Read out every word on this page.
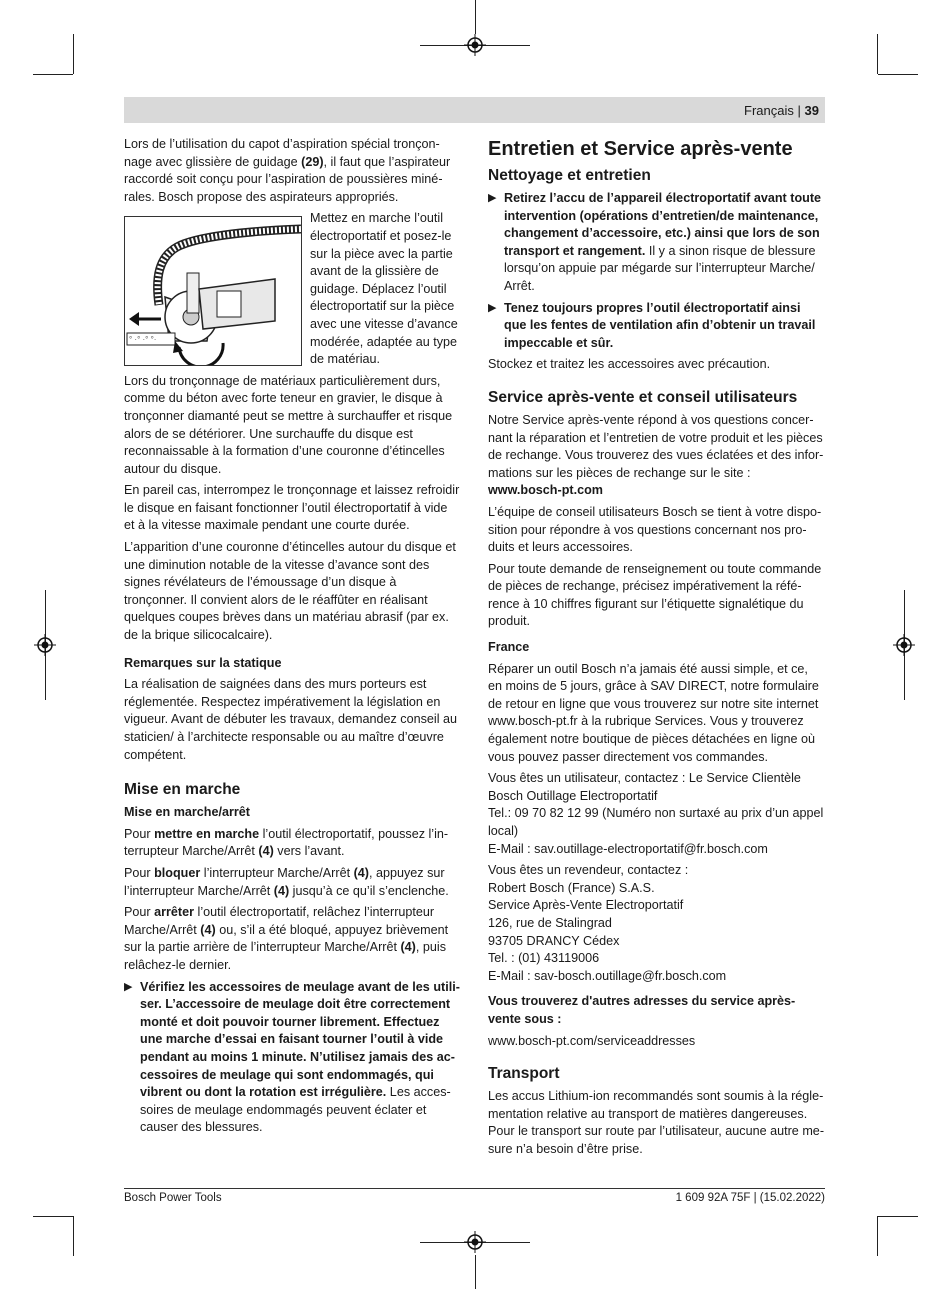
Français | 39

Lors de l’utilisation du capot d’aspiration spécial tronçonnage avec glissière de guidage (29), il faut que l’aspirateur raccordé soit conçu pour l’aspiration de poussières minérales. Bosch propose des aspirateurs appropriés.

° ·° ·° °·

Mettez en marche l’outil électroportatif et posez-le sur la pièce avec la partie avant de la glissière de guidage. Déplacez l’outil électroportatif sur la pièce avec une vitesse d’avance modérée, adaptée au type de matériau.

Lors du tronçonnage de matériaux particulièrement durs, comme du béton avec forte teneur en gravier, le disque à tronçonner diamanté peut se mettre à surchauffer et risque alors de se détériorer. Une surchauffe du disque est reconnaissable à la formation d’une couronne d’étincelles autour du disque.

En pareil cas, interrompez le tronçonnage et laissez refroidir le disque en faisant fonctionner l’outil électroportatif à vide et à la vitesse maximale pendant une courte durée.

L’apparition d’une couronne d’étincelles autour du disque et une diminution notable de la vitesse d’avance sont des signes révélateurs de l’émoussage d’un disque à tronçonner. Il convient alors de le réaffûter en réalisant quelques coupes brèves dans un matériau abrasif (par ex. de la brique silicocalcaire).

Remarques sur la statique

La réalisation de saignées dans des murs porteurs est réglementée. Respectez impérativement la législation en vigueur. Avant de débuter les travaux, demandez conseil au staticien/ à l’architecte responsable ou au maître d’œuvre compétent.

Mise en marche

Mise en marche/arrêt

Pour mettre en marche l’outil électroportatif, poussez l’interrupteur Marche/Arrêt (4) vers l’avant.

Pour bloquer l’interrupteur Marche/Arrêt (4), appuyez sur l’interrupteur Marche/Arrêt (4) jusqu’à ce qu’il s’enclenche.

Pour arrêter l’outil électroportatif, relâchez l’interrupteur Marche/Arrêt (4) ou, s’il a été bloqué, appuyez brièvement sur la partie arrière de l’interrupteur Marche/Arrêt (4), puis relâchez-le dernier.

▶ Vérifiez les accessoires de meulage avant de les utiliser. L’accessoire de meulage doit être correctement monté et doit pouvoir tourner librement. Effectuez une marche d’essai en faisant tourner l’outil à vide pendant au moins 1 minute. N’utilisez jamais des accessoires de meulage qui sont endommagés, qui vibrent ou dont la rotation est irrégulière. Les accessoires de meulage endommagés peuvent éclater et causer des blessures.

Entretien et Service après-vente

Nettoyage et entretien

▶ Retirez l’accu de l’appareil électroportatif avant toute intervention (opérations d’entretien/de maintenance, changement d’accessoire, etc.) ainsi que lors de son transport et rangement. Il y a sinon risque de blessure lorsqu’on appuie par mégarde sur l’interrupteur Marche/ Arrêt.
▶ Tenez toujours propres l’outil électroportatif ainsi que les fentes de ventilation afin d’obtenir un travail impeccable et sûr.

Stockez et traitez les accessoires avec précaution.

Service après-vente et conseil utilisateurs

Notre Service après-vente répond à vos questions concernant la réparation et l’entretien de votre produit et les pièces de rechange. Vous trouverez des vues éclatées et des informations sur les pièces de rechange sur le site :

www.bosch-pt.com

L’équipe de conseil utilisateurs Bosch se tient à votre disposition pour répondre à vos questions concernant nos produits et leurs accessoires.

Pour toute demande de renseignement ou toute commande de pièces de rechange, précisez impérativement la référence à 10 chiffres figurant sur l’étiquette signalétique du produit.

France

Réparer un outil Bosch n’a jamais été aussi simple, et ce, en moins de 5 jours, grâce à SAV DIRECT, notre formulaire de retour en ligne que vous trouverez sur notre site internet www.bosch-pt.fr à la rubrique Services. Vous y trouverez également notre boutique de pièces détachées en ligne où vous pouvez passer directement vos commandes.

Vous êtes un utilisateur, contactez : Le Service Clientèle
Bosch Outillage Electroportatif
Tel.: 09 70 82 12 99 (Numéro non surtaxé au prix d’un appel local)
E-Mail : sav.outillage-electroportatif@fr.bosch.com

Vous êtes un revendeur, contactez :
Robert Bosch (France) S.A.S.
Service Après-Vente Electroportatif
126, rue de Stalingrad
93705 DRANCY Cédex
Tel. : (01) 43119006
E-Mail : sav-bosch.outillage@fr.bosch.com

Vous trouverez d'autres adresses du service après-vente sous :

www.bosch-pt.com/serviceaddresses

Transport

Les accus Lithium-ion recommandés sont soumis à la réglementation relative au transport de matières dangereuses. Pour le transport sur route par l’utilisateur, aucune autre mesure n’a besoin d’être prise.

Bosch Power Tools	1 609 92A 75F | (15.02.2022)
